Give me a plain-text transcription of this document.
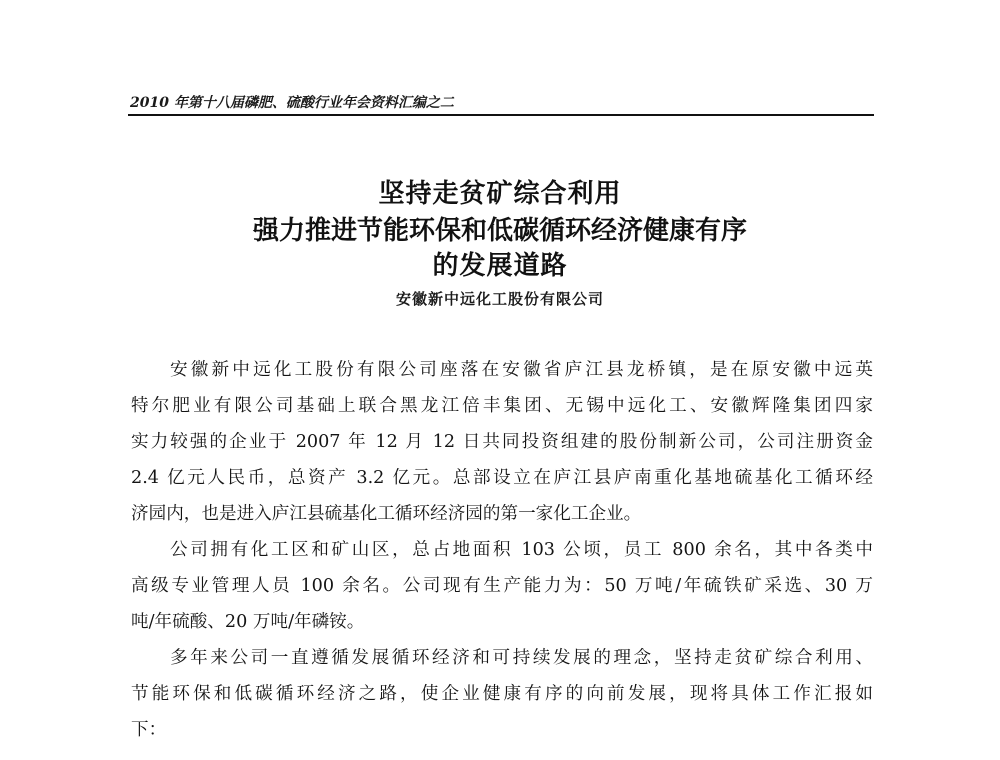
2010 年第十八届磷肥、硫酸行业年会资料汇编之二
坚持走贫矿综合利用
强力推进节能环保和低碳循环经济健康有序
的发展道路
安徽新中远化工股份有限公司
安徽新中远化工股份有限公司座落在安徽省庐江县龙桥镇，是在原安徽中远英
特尔肥业有限公司基础上联合黑龙江倍丰集团、无锡中远化工、安徽辉隆集团四家
实力较强的企业于 2007 年 12 月 12 日共同投资组建的股份制新公司，公司注册资金
2.4 亿元人民币，总资产 3.2 亿元。总部设立在庐江县庐南重化基地硫基化工循环经
济园内，也是进入庐江县硫基化工循环经济园的第一家化工企业。
公司拥有化工区和矿山区，总占地面积 103 公顷，员工 800 余名，其中各类中
高级专业管理人员 100 余名。公司现有生产能力为：50 万吨/年硫铁矿采选、30 万
吨/年硫酸、20 万吨/年磷铵。
多年来公司一直遵循发展循环经济和可持续发展的理念，坚持走贫矿综合利用、
节能环保和低碳循环经济之路，使企业健康有序的向前发展，现将具体工作汇报如
下：
